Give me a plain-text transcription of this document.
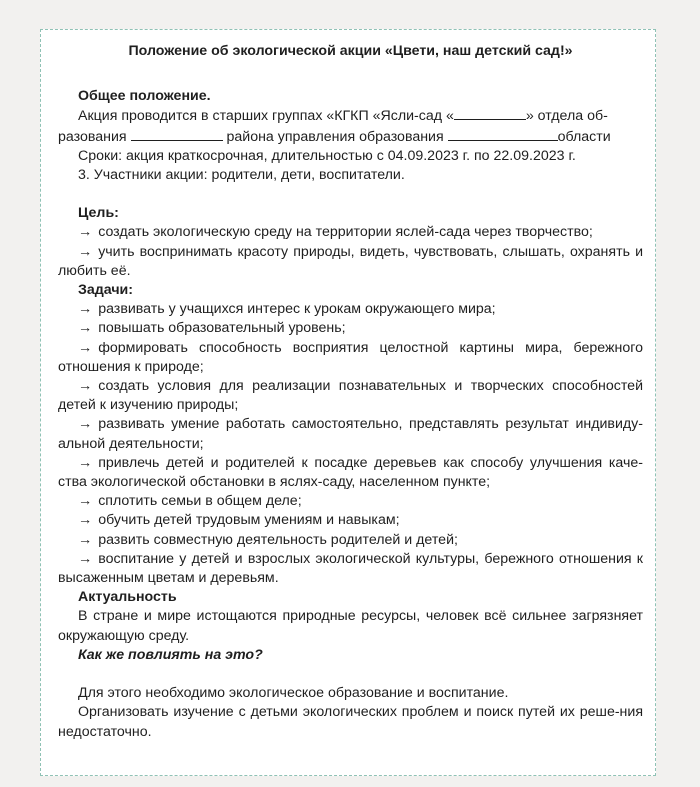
Положение об экологической акции «Цвети, наш детский сад!»

Общее положение.

Акция проводится в старших группах «КГКП «Ясли-сад «	» отдела об-

разования

	района управления образования
	области

Сроки: акция краткосрочная, длительностью с 04.09.2023 г. по 22.09.2023 г.

3. Участники акции: родители, дети, воспитатели.

Цель:

→ создать экологическую среду на территории яслей-сада через творчество;

→ учить воспринимать красоту природы, видеть, чувствовать, слышать, охранять и любить её.

Задачи:

→ развивать у учащихся интерес к урокам окружающего мира;

→ повышать образовательный уровень;

→ формировать способность восприятия целостной картины мира, бережного отношения к природе;

→ создать условия для реализации познавательных и творческих способностей детей к изучению природы;

→ развивать умение работать самостоятельно, представлять результат индивиду-альной деятельности;

→ привлечь детей и родителей к посадке деревьев как способу улучшения каче-ства экологической обстановки в яслях-саду, населенном пункте;

→ сплотить семьи в общем деле;

→ обучить детей трудовым умениям и навыкам;

→ развить совместную деятельность родителей и детей;

→ воспитание у детей и взрослых экологической культуры, бережного отношения к высаженным цветам и деревьям.

Актуальность

В стране и мире истощаются природные ресурсы, человек всё сильнее загрязняет окружающую среду.

Как же повлиять на это?

Для этого необходимо экологическое образование и воспитание.

Организовать изучение с детьми экологических проблем и поиск путей их реше-ния недостаточно.
